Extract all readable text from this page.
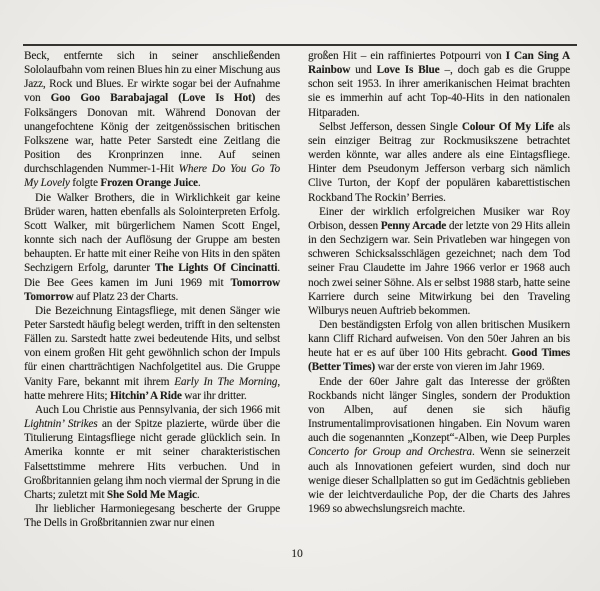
Beck, entfernte sich in seiner anschließenden Sololaufbahn vom reinen Blues hin zu einer Mischung aus Jazz, Rock und Blues. Er wirkte sogar bei der Aufnahme von Goo Goo Barabajagal (Love Is Hot) des Folksängers Donovan mit. Während Donovan der unangefochtene König der zeitgenössischen britischen Folkszene war, hatte Peter Sarstedt eine Zeitlang die Position des Kronprinzen inne. Auf seinen durchschlagenden Nummer-1-Hit Where Do You Go To My Lovely folgte Frozen Orange Juice.

Die Walker Brothers, die in Wirklichkeit gar keine Brüder waren, hatten ebenfalls als Solointerpreten Erfolg. Scott Walker, mit bürgerlichem Namen Scott Engel, konnte sich nach der Auflösung der Gruppe am besten behaupten. Er hatte mit einer Reihe von Hits in den späten Sechzigern Erfolg, darunter The Lights Of Cincinatti. Die Bee Gees kamen im Juni 1969 mit Tomorrow Tomorrow auf Platz 23 der Charts.

Die Bezeichnung Eintagsfliege, mit denen Sänger wie Peter Sarstedt häufig belegt werden, trifft in den seltensten Fällen zu. Sarstedt hatte zwei bedeutende Hits, und selbst von einem großen Hit geht gewöhnlich schon der Impuls für einen chartträchtigen Nachfolgetitel aus. Die Gruppe Vanity Fare, bekannt mit ihrem Early In The Morning, hatte mehrere Hits; Hitchin’ A Ride war ihr dritter.

Auch Lou Christie aus Pennsylvania, der sich 1966 mit Lightnin’ Strikes an der Spitze plazierte, würde über die Titulierung Eintagsfliege nicht gerade glücklich sein. In Amerika konnte er mit seiner charakteristischen Falsettstimme mehrere Hits verbuchen. Und in Großbritannien gelang ihm noch viermal der Sprung in die Charts; zuletzt mit She Sold Me Magic.

Ihr lieblicher Harmoniegesang bescherte der Gruppe The Dells in Großbritannien zwar nur einen

großen Hit – ein raffiniertes Potpourri von I Can Sing A Rainbow und Love Is Blue –, doch gab es die Gruppe schon seit 1953. In ihrer amerikanischen Heimat brachten sie es immerhin auf acht Top-40-Hits in den nationalen Hitparaden.

Selbst Jefferson, dessen Single Colour Of My Life als sein einziger Beitrag zur Rockmusikszene betrachtet werden könnte, war alles andere als eine Eintagsfliege. Hinter dem Pseudonym Jefferson verbarg sich nämlich Clive Turton, der Kopf der populären kabarettistischen Rockband The Rockin’ Berries.

Einer der wirklich erfolgreichen Musiker war Roy Orbison, dessen Penny Arcade der letzte von 29 Hits allein in den Sechzigern war. Sein Privatleben war hingegen von schweren Schicksalsschlägen gezeichnet; nach dem Tod seiner Frau Claudette im Jahre 1966 verlor er 1968 auch noch zwei seiner Söhne. Als er selbst 1988 starb, hatte seine Karriere durch seine Mitwirkung bei den Traveling Wilburys neuen Auftrieb bekommen.

Den beständigsten Erfolg von allen britischen Musikern kann Cliff Richard aufweisen. Von den 50er Jahren an bis heute hat er es auf über 100 Hits gebracht. Good Times (Better Times) war der erste von vieren im Jahr 1969.

Ende der 60er Jahre galt das Interesse der größten Rockbands nicht länger Singles, sondern der Produktion von Alben, auf denen sie sich häufig Instrumentalimprovisationen hingaben. Ein Novum waren auch die sogenannten „Konzept“-Alben, wie Deep Purples Concerto for Group and Orchestra. Wenn sie seinerzeit auch als Innovationen gefeiert wurden, sind doch nur wenige dieser Schallplatten so gut im Gedächtnis geblieben wie der leichtverdauliche Pop, der die Charts des Jahres 1969 so abwechslungsreich machte.

10
